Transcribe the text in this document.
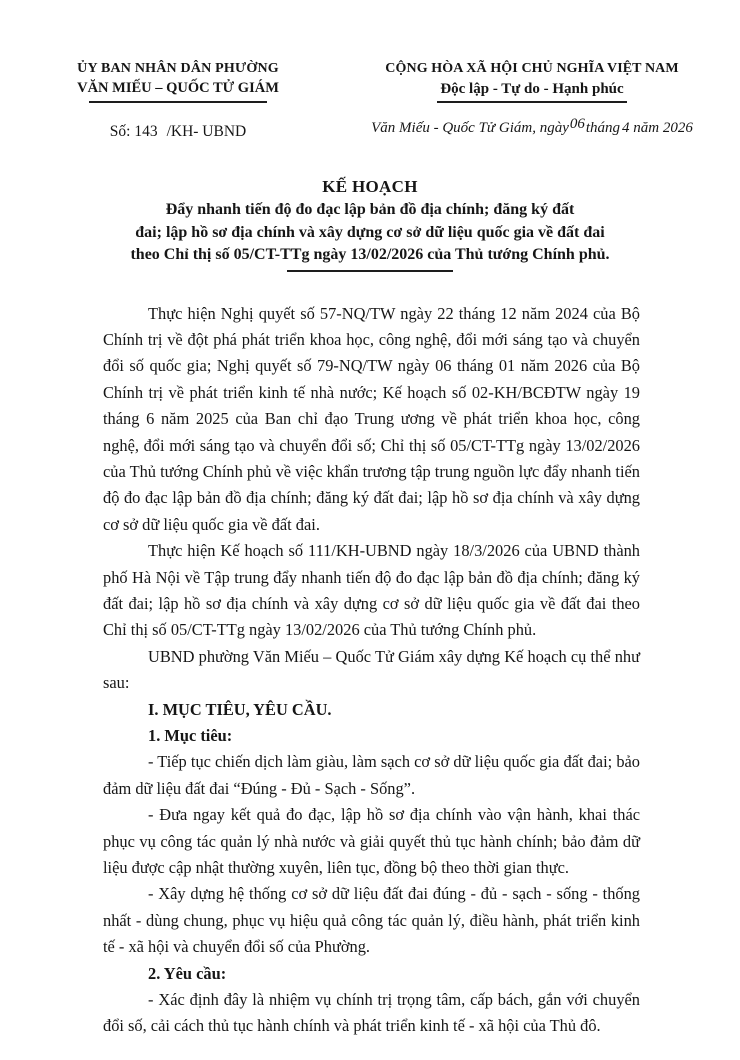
ỦY BAN NHÂN DÂN PHƯỜNG
VĂN MIẾU – QUỐC TỬ GIÁM
Số: 143 /KH- UBND
CỘNG HÒA XÃ HỘI CHỦ NGHĨA VIỆT NAM
Độc lập - Tự do - Hạnh phúc
Văn Miếu - Quốc Tử Giám, ngày06tháng 4 năm 2026
KẾ HOẠCH
Đẩy nhanh tiến độ đo đạc lập bản đồ địa chính; đăng ký đất
đai; lập hồ sơ địa chính và xây dựng cơ sở dữ liệu quốc gia về đất đai
theo Chỉ thị số 05/CT-TTg ngày 13/02/2026 của Thủ tướng Chính phủ.

Thực hiện Nghị quyết số 57-NQ/TW ngày 22 tháng 12 năm 2024 của Bộ Chính trị về đột phá phát triển khoa học, công nghệ, đổi mới sáng tạo và chuyển đổi số quốc gia; Nghị quyết số 79-NQ/TW ngày 06 tháng 01 năm 2026 của Bộ Chính trị về phát triển kinh tế nhà nước; Kế hoạch số 02-KH/BCĐTW ngày 19 tháng 6 năm 2025 của Ban chỉ đạo Trung ương về phát triển khoa học, công nghệ, đổi mới sáng tạo và chuyển đổi số; Chỉ thị số 05/CT-TTg ngày 13/02/2026 của Thủ tướng Chính phủ về việc khẩn trương tập trung nguồn lực đẩy nhanh tiến độ đo đạc lập bản đồ địa chính; đăng ký đất đai; lập hồ sơ địa chính và xây dựng cơ sở dữ liệu quốc gia về đất đai.

Thực hiện Kế hoạch số 111/KH-UBND ngày 18/3/2026 của UBND thành phố Hà Nội về Tập trung đẩy nhanh tiến độ đo đạc lập bản đồ địa chính; đăng ký đất đai; lập hồ sơ địa chính và xây dựng cơ sở dữ liệu quốc gia về đất đai theo Chỉ thị số 05/CT-TTg ngày 13/02/2026 của Thủ tướng Chính phủ.

UBND phường Văn Miếu – Quốc Tử Giám xây dựng Kế hoạch cụ thể như sau:

I. MỤC TIÊU, YÊU CẦU.

1. Mục tiêu:

- Tiếp tục chiến dịch làm giàu, làm sạch cơ sở dữ liệu quốc gia đất đai; bảo đảm dữ liệu đất đai “Đúng - Đủ - Sạch - Sống”.

- Đưa ngay kết quả đo đạc, lập hồ sơ địa chính vào vận hành, khai thác phục vụ công tác quản lý nhà nước và giải quyết thủ tục hành chính; bảo đảm dữ liệu được cập nhật thường xuyên, liên tục, đồng bộ theo thời gian thực.

- Xây dựng hệ thống cơ sở dữ liệu đất đai đúng - đủ - sạch - sống - thống nhất - dùng chung, phục vụ hiệu quả công tác quản lý, điều hành, phát triển kinh tế - xã hội và chuyển đổi số của Phường.

2. Yêu cầu:

- Xác định đây là nhiệm vụ chính trị trọng tâm, cấp bách, gắn với chuyển đổi số, cải cách thủ tục hành chính và phát triển kinh tế - xã hội của Thủ đô.
